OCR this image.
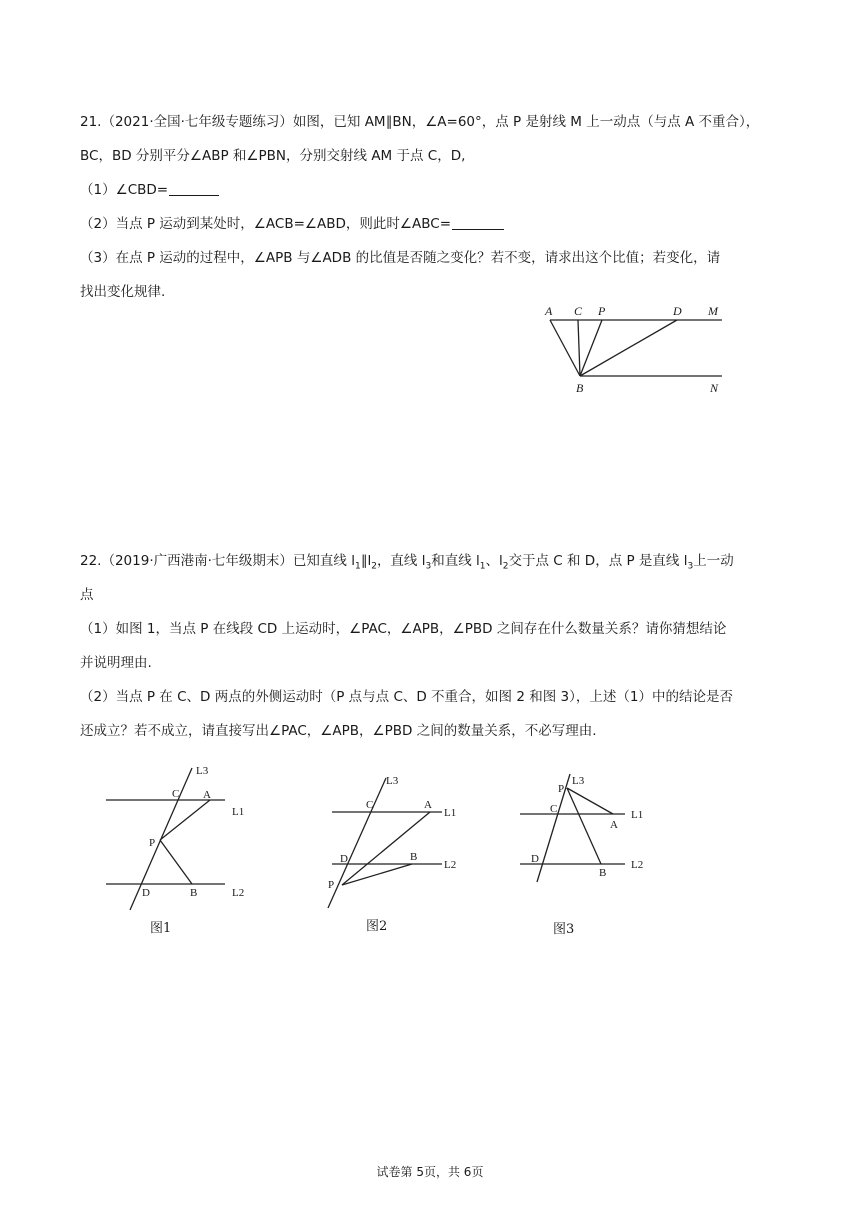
21.（2021·全国·七年级专题练习）如图，已知 AM∥BN，∠A=60°，点 P 是射线 M 上一动点（与点 A 不重合），
BC，BD 分别平分∠ABP 和∠PBN，分别交射线 AM 于点 C，D,
（1）∠CBD=
（2）当点 P 运动到某处时，∠ACB=∠ABD，则此时∠ABC=
（3）在点 P 运动的过程中，∠APB 与∠ADB 的比值是否随之变化？若不变，请求出这个比值；若变化，请
找出变化规律.
A C P	D M
B	N
22.（2019·广西港南·七年级期末）已知直线 $l_1\parallel l_2$，直线 $l_3$和直线 $l_1$、$l_2$交于点 C 和 D，点 P 是直线 $l_3$上一动
点
（1）如图 1，当点 P 在线段 CD 上运动时，∠PAC，∠APB，∠PBD 之间存在什么数量关系？请你猜想结论
并说明理由.
（2）当点 P 在 C、D 两点的外侧运动时（P 点与点 C、D 不重合，如图 2 和图 3），上述（1）中的结论是否
还成立？若不成立，请直接写出∠PAC，∠APB，∠PBD 之间的数量关系，不必写理由.
L3
C A
L1
P
D	B	L2
图1
L3
C	A
L1
D	B
L2
P
图2
L3
P
C
A
L1
D
B
L2
图3
试卷第 5页，共 6页
